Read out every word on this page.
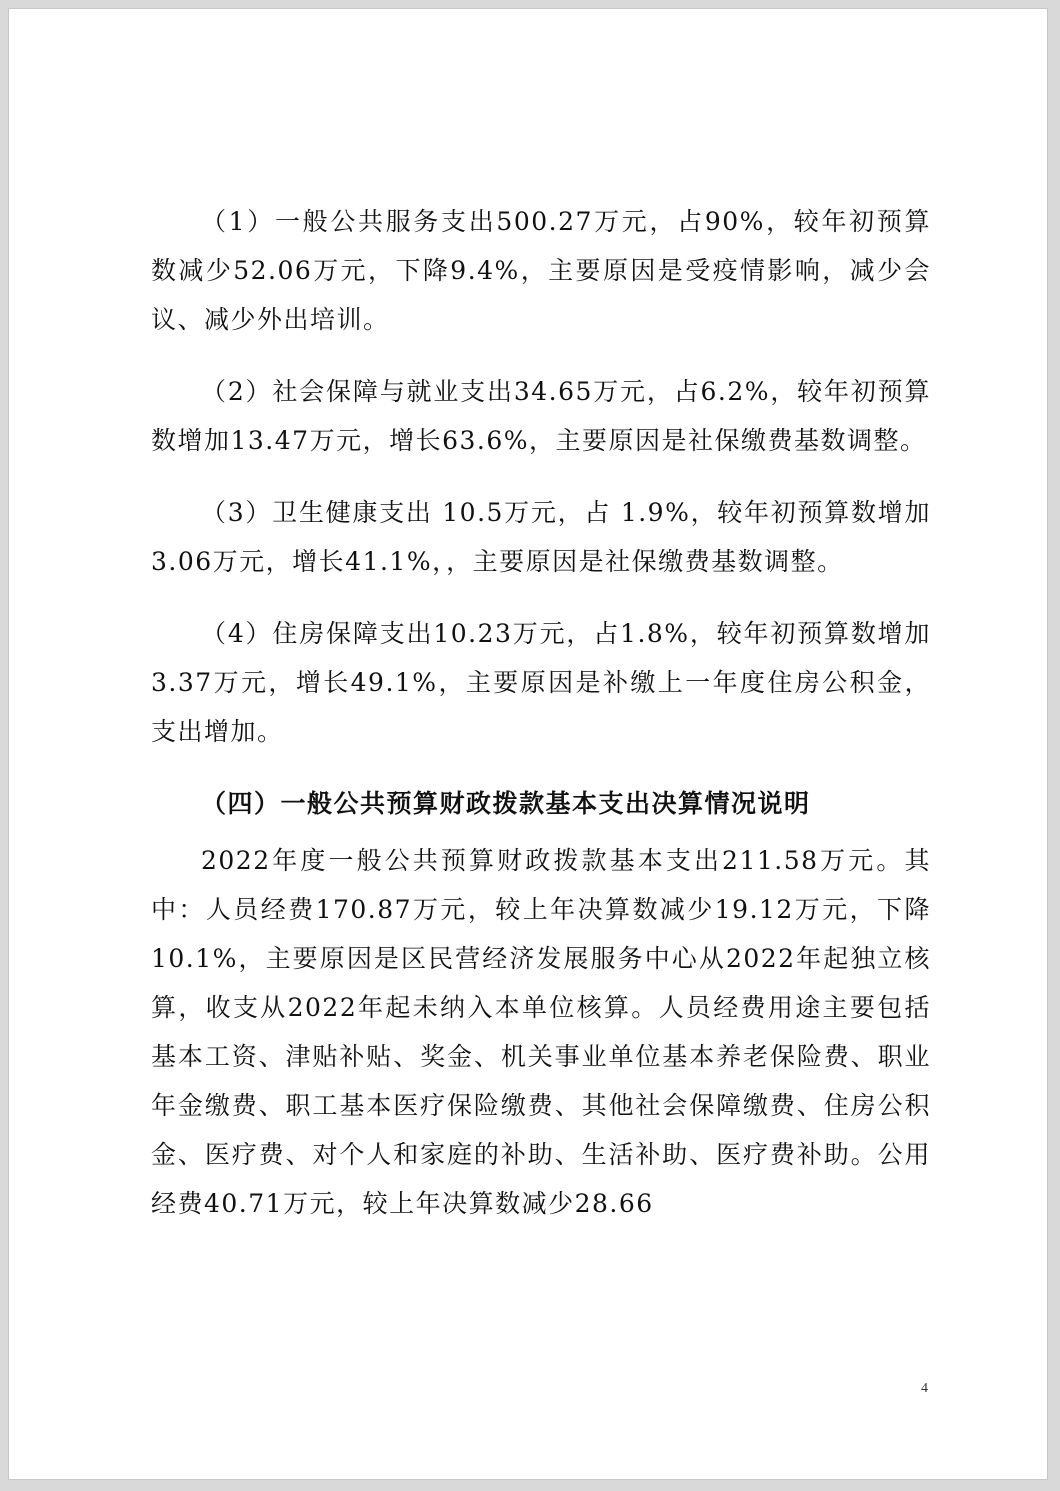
（1）一般公共服务支出500.27万元，占90%，较年初预算数减少52.06万元，下降9.4%，主要原因是受疫情影响，减少会议、减少外出培训。

（2）社会保障与就业支出34.65万元，占6.2%，较年初预算数增加13.47万元，增长63.6%，主要原因是社保缴费基数调整。

（3）卫生健康支出 10.5万元，占 1.9%，较年初预算数增加3.06万元，增长41.1%，，主要原因是社保缴费基数调整。

（4）住房保障支出10.23万元，占1.8%，较年初预算数增加3.37万元，增长49.1%，主要原因是补缴上一年度住房公积金，支出增加。

（四）一般公共预算财政拨款基本支出决算情况说明

2022年度一般公共预算财政拨款基本支出211.58万元。其中：人员经费170.87万元，较上年决算数减少19.12万元，下降10.1%，主要原因是区民营经济发展服务中心从2022年起独立核算，收支从2022年起未纳入本单位核算。人员经费用途主要包括基本工资、津贴补贴、奖金、机关事业单位基本养老保险费、职业年金缴费、职工基本医疗保险缴费、其他社会保障缴费、住房公积金、医疗费、对个人和家庭的补助、生活补助、医疗费补助。公用经费40.71万元，较上年决算数减少28.66

4
